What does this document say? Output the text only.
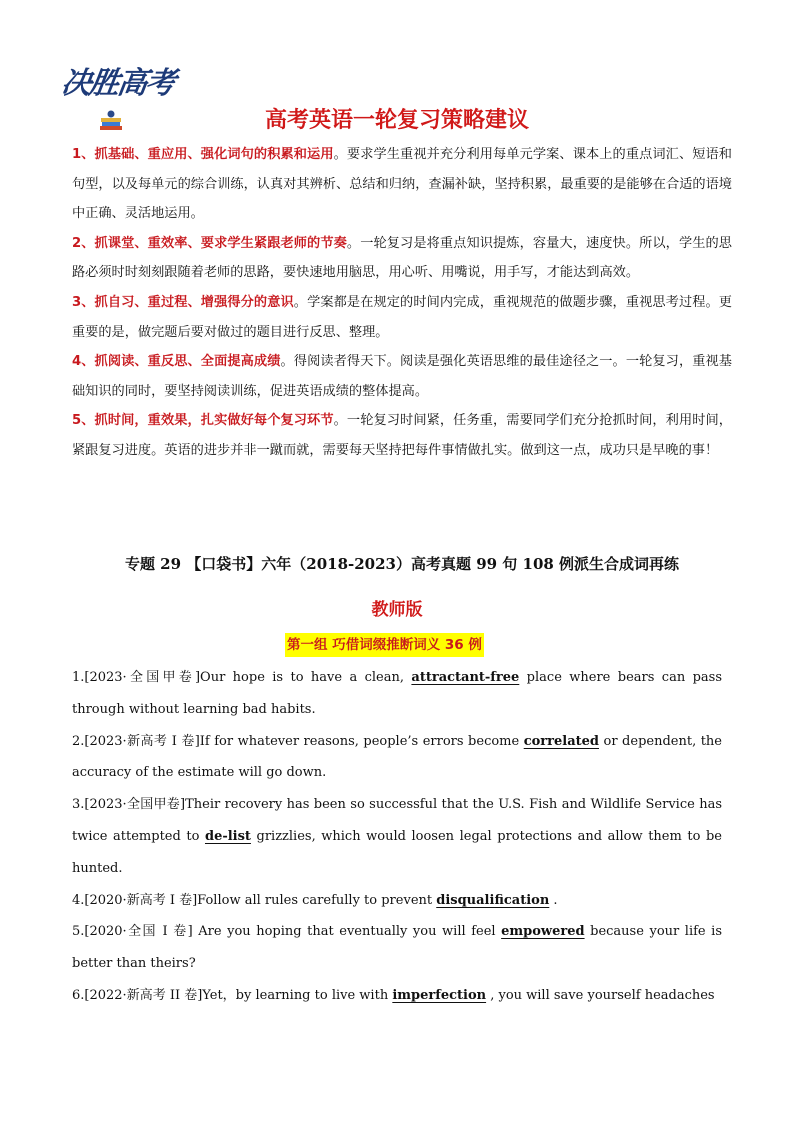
决胜高考
高考英语一轮复习策略建议

1、抓基础、重应用、强化词句的积累和运用。要求学生重视并充分利用每单元学案、课本上的重点词汇、短语和句型，以及每单元的综合训练，认真对其辨析、总结和归纳，查漏补缺，坚持积累，最重要的是能够在合适的语境中正确、灵活地运用。

2、抓课堂、重效率、要求学生紧跟老师的节奏。一轮复习是将重点知识提炼，容量大，速度快。所以，学生的思路必须时时刻刻跟随着老师的思路，要快速地用脑思，用心听、用嘴说，用手写，才能达到高效。

3、抓自习、重过程、增强得分的意识。学案都是在规定的时间内完成，重视规范的做题步骤，重视思考过程。更重要的是，做完题后要对做过的题目进行反思、整理。

4、抓阅读、重反思、全面提高成绩。得阅读者得天下。阅读是强化英语思维的最佳途径之一。一轮复习，重视基础知识的同时，要坚持阅读训练，促进英语成绩的整体提高。

5、抓时间，重效果，扎实做好每个复习环节。一轮复习时间紧，任务重，需要同学们充分抢抓时间，利用时间，紧跟复习进度。英语的进步并非一蹴而就，需要每天坚持把每件事情做扎实。做到这一点，成功只是早晚的事！

专题 29 【口袋书】六年（2018-2023）高考真题 99 句 108 例派生合成词再练
教师版
第一组 巧借词缀推断词义 36 例

1.[2023·全国甲卷]Our hope is to have a clean, attractant-free place where bears can pass through without learning bad habits.

2.[2023·新高考 I 卷]If for whatever reasons, people’s errors become correlated or dependent, the accuracy of the estimate will go down.

3.[2023·全国甲卷]Their recovery has been so successful that the U.S. Fish and Wildlife Service has twice attempted to de-list grizzlies, which would loosen legal protections and allow them to be hunted.

4.[2020·新高考 I 卷]Follow all rules carefully to prevent disqualification .

5.[2020·全国 I 卷] Are you hoping that eventually you will feel empowered because your life is better than theirs?

6.[2022·新高考 II 卷]Yet，by learning to live with imperfection , you will save yourself headaches
